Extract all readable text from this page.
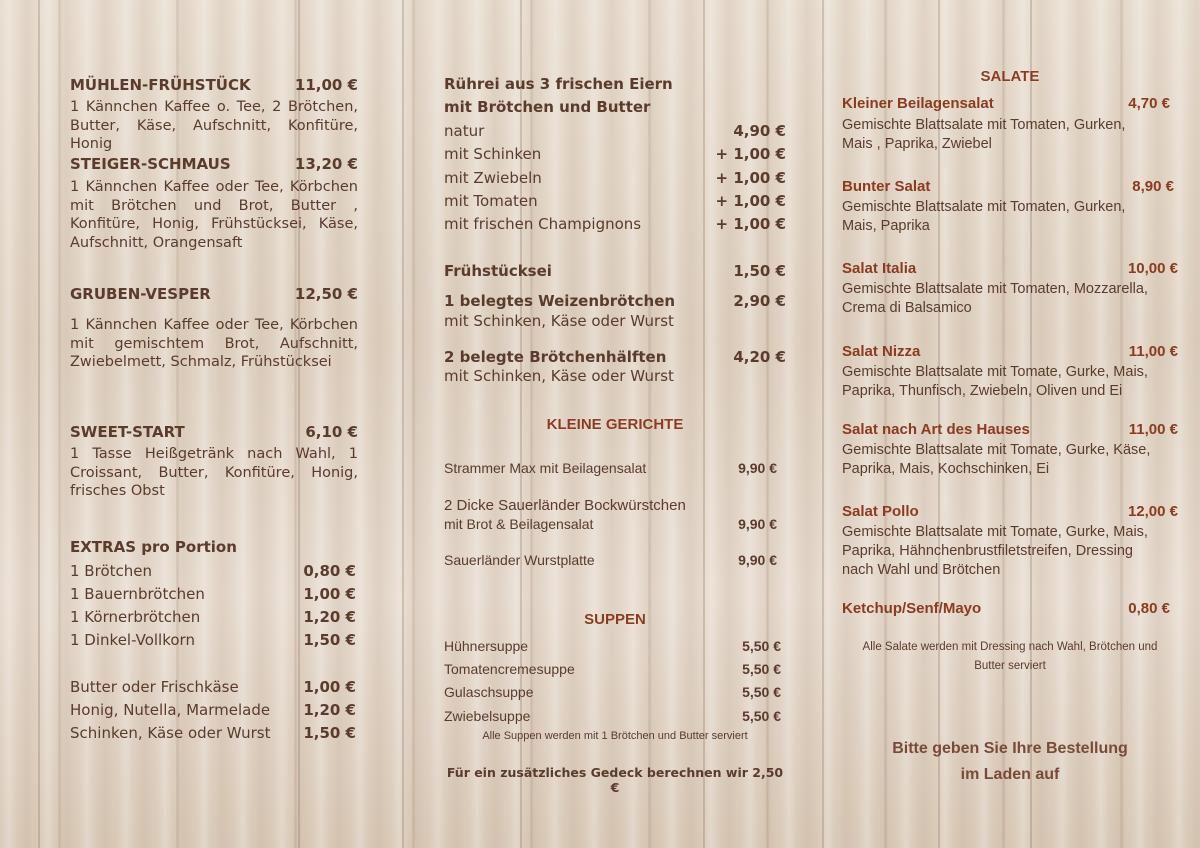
MÜHLEN-FRÜHSTÜCK	11,00 €
1 Kännchen Kaffee o. Tee, 2 Brötchen, Butter, Käse, Aufschnitt, Konfitüre, Honig
STEIGER-SCHMAUS	13,20 €
1 Kännchen Kaffee oder Tee, Körbchen mit Brötchen und Brot, Butter , Konfitüre, Honig, Frühstücksei, Käse, Aufschnitt, Orangensaft
GRUBEN-VESPER	12,50 €
1 Kännchen Kaffee oder Tee, Körbchen mit gemischtem Brot, Aufschnitt, Zwiebelmett, Schmalz, Frühstücksei
SWEET-START	6,10 €
1 Tasse Heißgetränk nach Wahl, 1 Croissant, Butter, Konfitüre, Honig, frisches Obst
EXTRAS pro Portion
1 Brötchen	0,80 €
1 Bauernbrötchen	1,00 €
1 Körnerbrötchen	1,20 €
1 Dinkel-Vollkorn	1,50 €
Butter oder Frischkäse	1,00 €
Honig, Nutella, Marmelade 1,20 €
Schinken, Käse oder Wurst 1,50 €
Rührei aus 3 frischen Eiern
mit Brötchen und Butter
natur	4,90 €
mit Schinken	+ 1,00 €
mit Zwiebeln	+ 1,00 €
mit Tomaten	+ 1,00 €
mit frischen Champignons	+ 1,00 €
Frühstücksei	1,50 €
1 belegtes Weizenbrötchen	2,90 €
mit Schinken, Käse oder Wurst
2 belegte Brötchenhälften	4,20 €
mit Schinken, Käse oder Wurst
KLEINE GERICHTE
Strammer Max mit Beilagensalat	9,90 €
2 Dicke Sauerländer Bockwürstchen
mit Brot & Beilagensalat	9,90 €
Sauerländer Wurstplatte	9,90 €
SUPPEN
Hühnersuppe	5,50 €
Tomatencremesuppe	5,50 €
Gulaschsuppe	5,50 €
Zwiebelsuppe	5,50 €
Alle Suppen werden mit 1 Brötchen und Butter serviert
Für ein zusätzliches Gedeck berechnen wir 2,50 €
SALATE
Kleiner Beilagensalat	4,70 €
Gemischte Blattsalate mit Tomaten, Gurken,
Mais , Paprika, Zwiebel
Bunter Salat	8,90 €
Gemischte Blattsalate mit Tomaten, Gurken,
Mais, Paprika
Salat Italia	10,00 €
Gemischte Blattsalate mit Tomaten, Mozzarella,
Crema di Balsamico
Salat Nizza	11,00 €
Gemischte Blattsalate mit Tomate, Gurke, Mais,
Paprika, Thunfisch, Zwiebeln, Oliven und Ei
Salat nach Art des Hauses	11,00 €
Gemischte Blattsalate mit Tomate, Gurke, Käse,
Paprika, Mais, Kochschinken, Ei
Salat Pollo	12,00 €
Gemischte Blattsalate mit Tomate, Gurke, Mais,
Paprika, Hähnchenbrustfiletstreifen, Dressing
nach Wahl und Brötchen
Ketchup/Senf/Mayo	0,80 €
Alle Salate werden mit Dressing nach Wahl, Brötchen und
Butter serviert
Bitte geben Sie Ihre Bestellung
im Laden auf
